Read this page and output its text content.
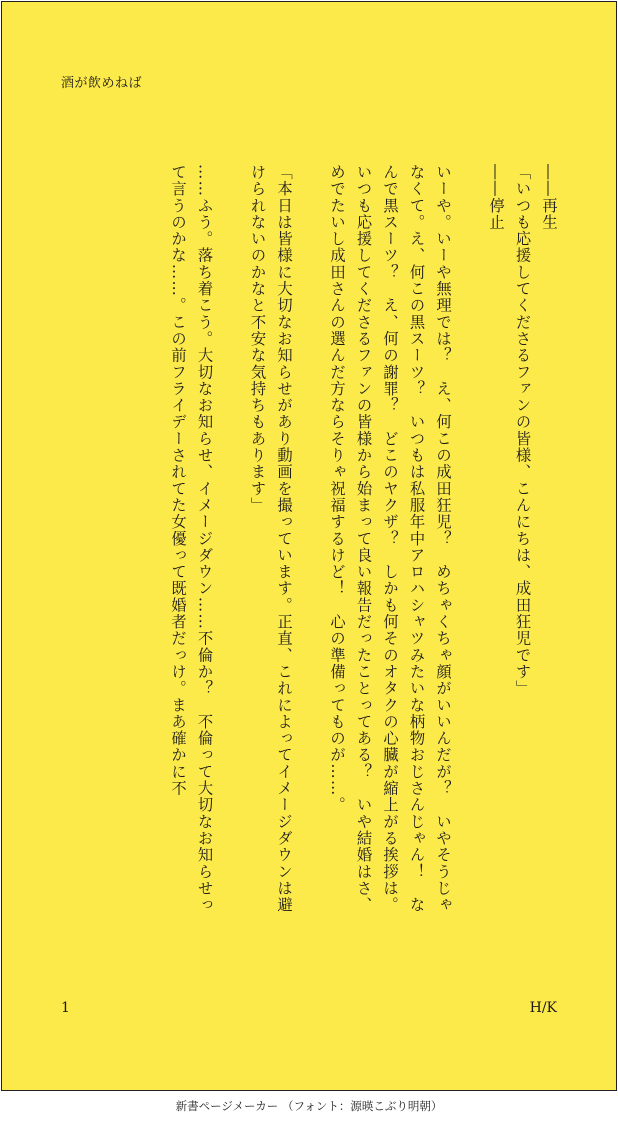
酒が飲めねば

――再生

「いつも応援してくださるファンの皆様、こんにちは、成田狂児です」

――停止

いーや。いーや無理では？　え、何この成田狂児？　めちゃくちゃ顔がいいんだが？　いやそうじゃなくて。え、何この黒スーツ？　いつもは私服年中アロハシャツみたいな柄物おじさんじゃん！　なんで黒スーツ？　え、何の謝罪？　どこのヤクザ？　しかも何そのオタクの心臓が縮上がる挨拶は。いつも応援してくださるファンの皆様から始まって良い報告だったことってある？　いや結婚はさ、めでたいし成田さんの選んだ方ならそりゃ祝福するけど！　心の準備ってものが……。

「本日は皆様に大切なお知らせがあり動画を撮っています。正直、これによってイメージダウンは避けられないのかなと不安な気持ちもあります」

……ふう。落ち着こう。大切なお知らせ、イメージダウン……不倫か？　不倫って大切なお知らせって言うのかな……。この前フライデーされてた女優って既婚者だっけ。まあ確かに不

1	H/K
新書ページメーカー （フォント：源暎こぶり明朝）
